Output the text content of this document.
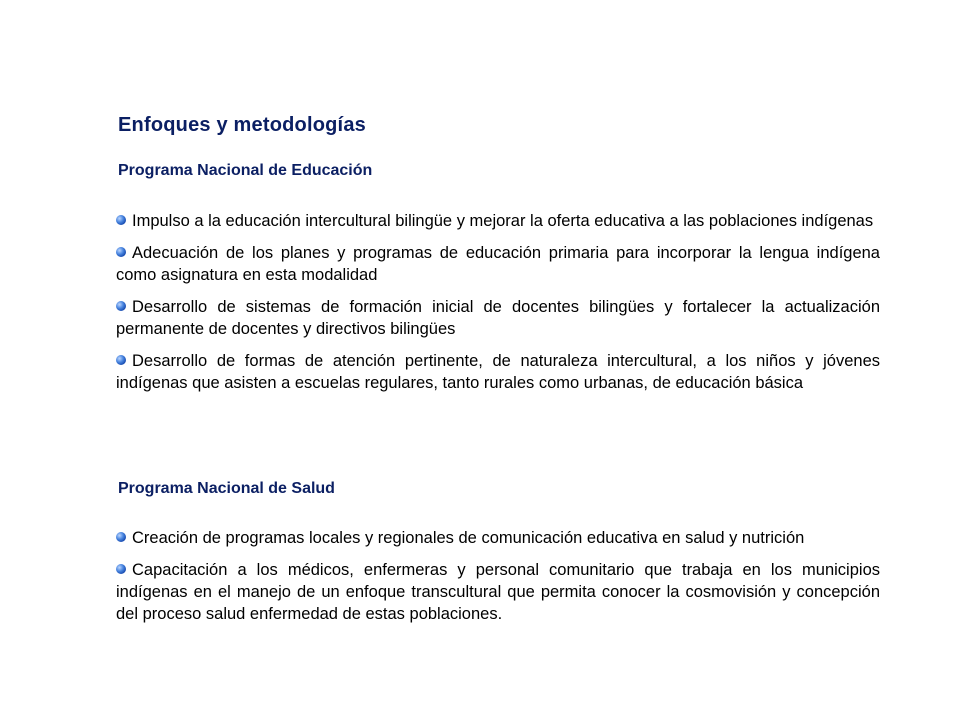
Enfoques y metodologías
Programa Nacional de Educación
Impulso a la educación intercultural bilingüe y mejorar la oferta educativa a las poblaciones indígenas
Adecuación de los planes y programas de educación primaria para incorporar la lengua indígena como asignatura en esta modalidad
Desarrollo de sistemas de formación inicial de docentes bilingües y fortalecer la actualización permanente de docentes y directivos bilingües
Desarrollo de formas de atención pertinente, de naturaleza intercultural, a los niños y jóvenes indígenas que asisten a escuelas regulares, tanto rurales como urbanas, de educación básica
Programa Nacional de Salud
Creación de programas locales y regionales de comunicación educativa en salud y nutrición
Capacitación a los médicos, enfermeras y personal comunitario que trabaja en los municipios indígenas en el manejo de un enfoque transcultural que permita conocer la cosmovisión y concepción del proceso salud enfermedad de estas poblaciones.
